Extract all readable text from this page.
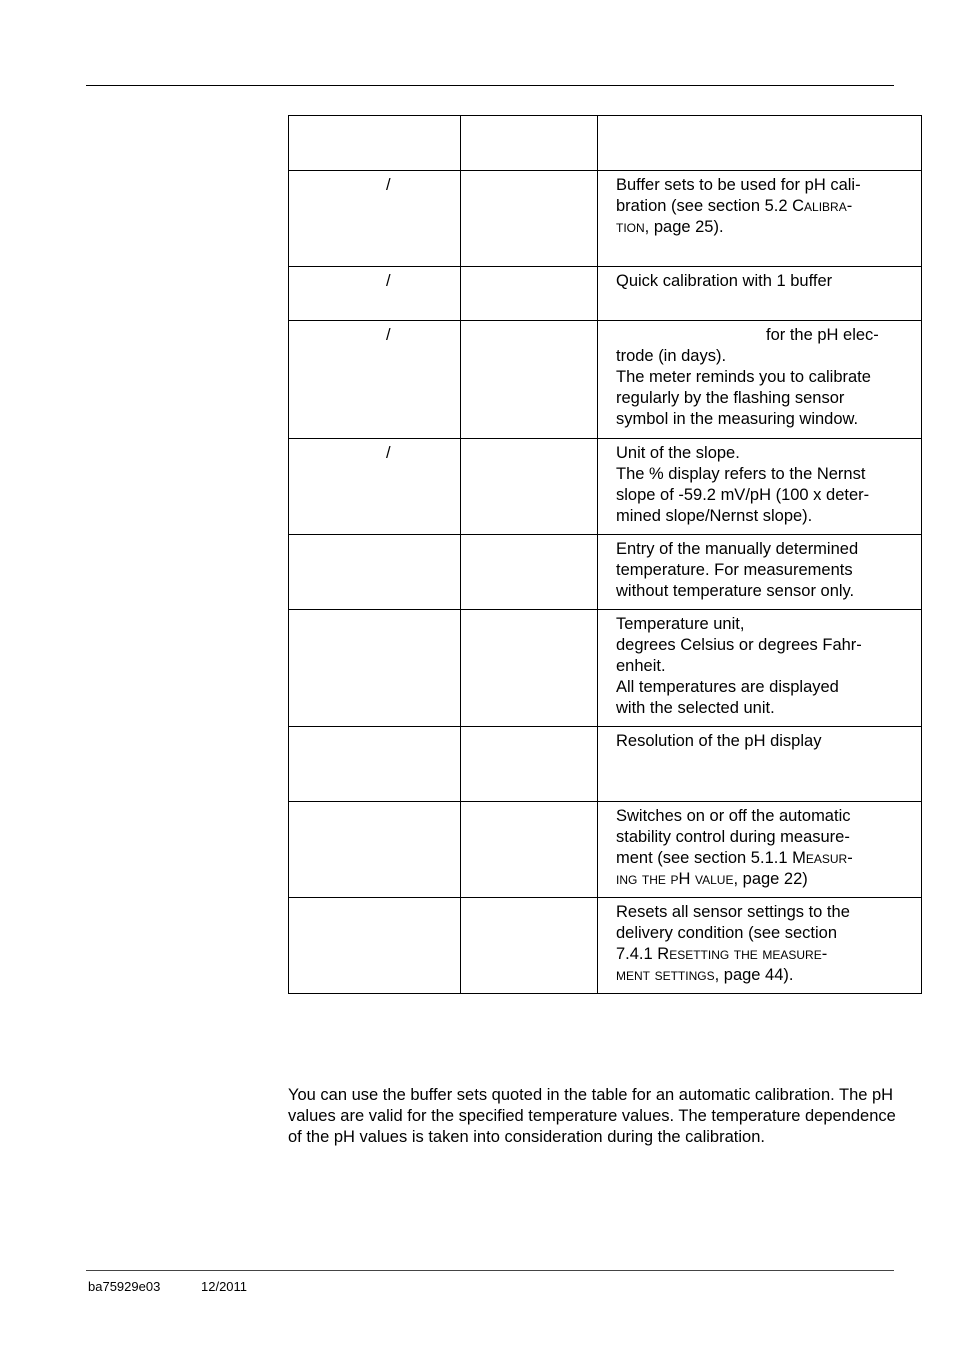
/		Buffer sets to be used for pH cali-
bration (see section 5.2 Calibra-
tion, page 25).

/		Quick calibration with 1 buffer

/		for the pH elec-
trode (in days).
The meter reminds you to calibrate
regularly by the flashing sensor
symbol in the measuring window.

/		Unit of the slope.
The % display refers to the Nernst
slope of -59.2 mV/pH (100 x deter-
mined slope/Nernst slope).
		Entry of the manually determined
temperature. For measurements
without temperature sensor only.
		Temperature unit,
degrees Celsius or degrees Fahr-
enheit.
All temperatures are displayed
with the selected unit.
		Resolution of the pH display
		Switches on or off the automatic
stability control during measure-
ment (see section 5.1.1 Measur-
ing the pH value, page 22)
		Resets all sensor settings to the
delivery condition (see section
7.4.1 Resetting the measure-
ment settings, page 44).

You can use the buffer sets quoted in the table for an automatic calibration. The pH values are valid for the specified temperature values. The temperature dependence of the pH values is taken into consideration during the calibration.

ba75929e03	12/2011
